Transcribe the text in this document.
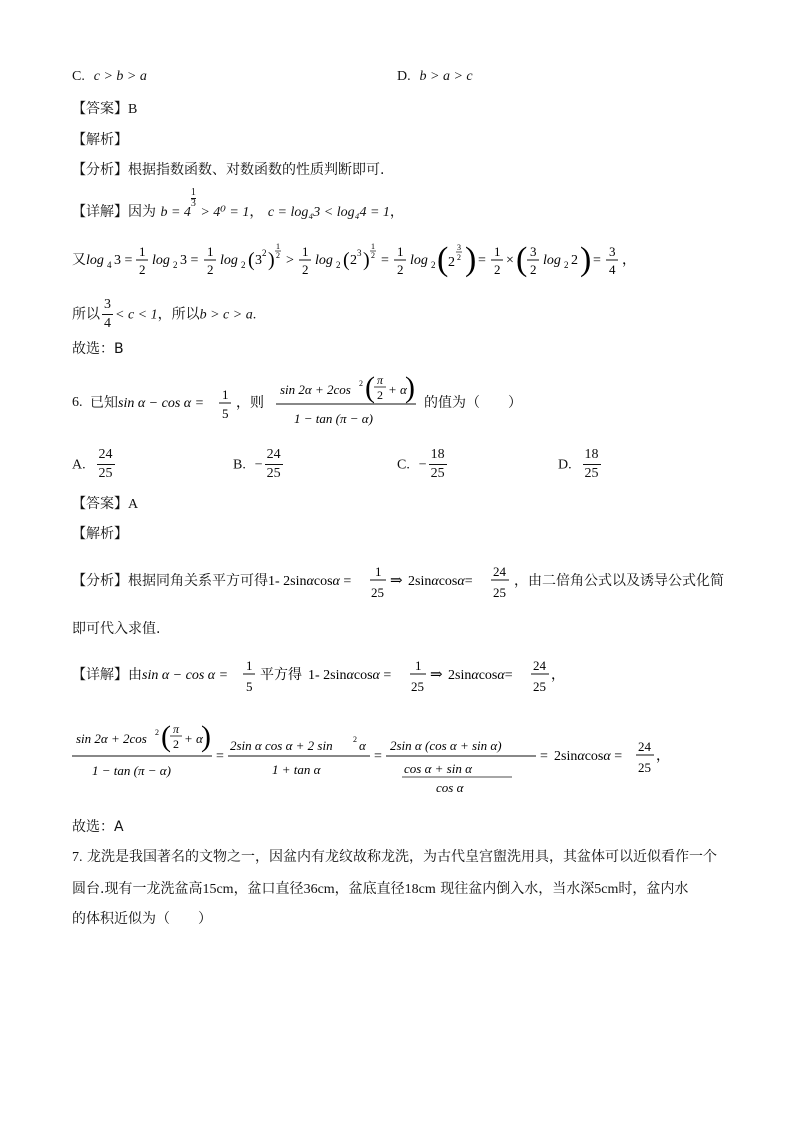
C. c > b > a	D. b > a > c
【答案】B
【解析】
【分析】根据指数函数、对数函数的性质判断即可.
【详解】因为 b = 4
$\frac{1}{3}$
> 4⁰ = 1， c = log₄3 < log₄4 = 1，
又 log 4 3 =
1
2
log 2 3 =
1
2
log 2 ( 3 2 )
1
2 >
1
2
log 2 ( 2 3 )
1
2 =
1
2
log 2 ( 2
3
2 ) =
1
2
× ( 3
2
log 2 2 ) =
3
4
，
所以 $\frac{3}{4} < c < 1$，所以b > c > a.
故选：B
6. 已知 sin α − cos α =
1
5
，则
sin 2α + 2cos 2 ( π
2 + α
)
1 − tan (π − α)
的值为（　　）
A. $\frac{24}{25}$	B. − $\frac{24}{25}$	C. − $\frac{18}{25}$	D. $\frac{18}{25}$
【答案】A
【解析】
【分析】根据同角关系平方可得 1- 2sinαcosα =
1
25
⇒ 2sinαcosα=
24
25
，由二倍角公式以及诱导公式化简
即可代入求值.
【详解】由 sin α − cos α =
1
5
平方得 1- 2sinαcosα =
1
25
⇒ 2sinαcosα=
24
25
，
sin 2α + 2cos 2 ( π
2 + α
)
1 − tan (π − α)
=
2sin α cos α + 2 sin	2 α
1 + tan α
=
2sin α (cos α + sin α)
cos α + sin α
cos α
= 2sinαcosα =
24
25
，
故选：A
7. 龙洗是我国著名的文物之一，因盆内有龙纹故称龙洗，为古代皇宫盥洗用具，其盆体可以近似看作一个
圆台.现有一龙洗盆高15cm，盆口直径36cm，盆底直径18cm 现往盆内倒入水，当水深5cm时，盆内水
的体积近似为（　　）
